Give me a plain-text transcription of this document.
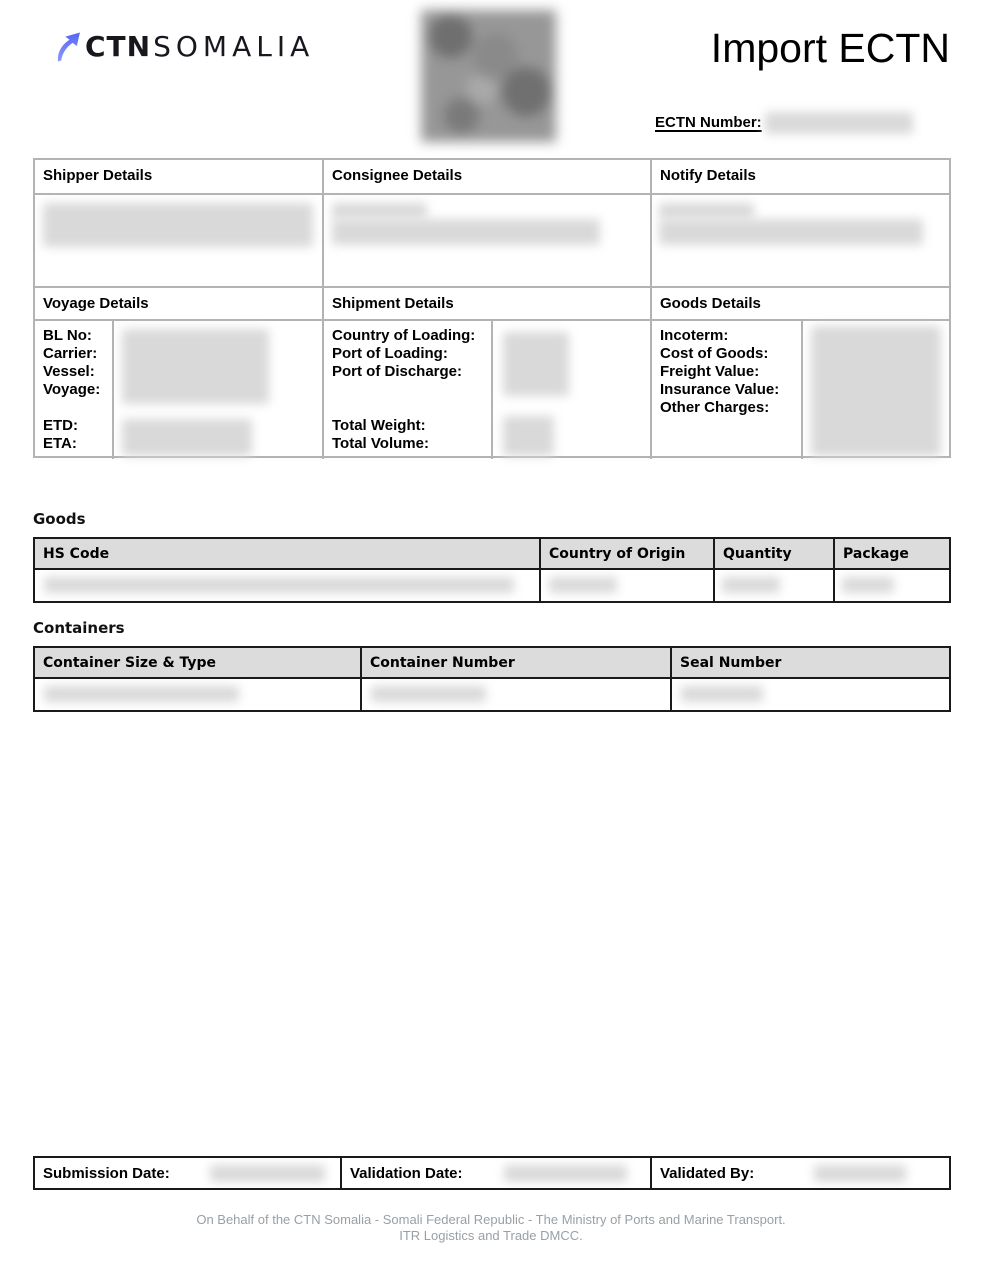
CTNSOMALIA	Import ECTN
ECTN Number:
Shipper Details	Consignee Details	Notify Details
Voyage Details	Shipment Details	Goods Details
BL No:
Carrier:
Vessel:
Voyage:
ETD:
ETA:
Country of Loading:
Port of Loading:
Port of Discharge:
Total Weight:
Total Volume:
Incoterm:
Cost of Goods:
Freight Value:
Insurance Value:
Other Charges:
Goods
HS Code	Country of Origin	Quantity	Package
Containers
Container Size & Type	Container Number	Seal Number
Submission Date:	Validation Date:	Validated By:
On Behalf of the CTN Somalia - Somali Federal Republic - The Ministry of Ports and Marine Transport.
ITR Logistics and Trade DMCC.
